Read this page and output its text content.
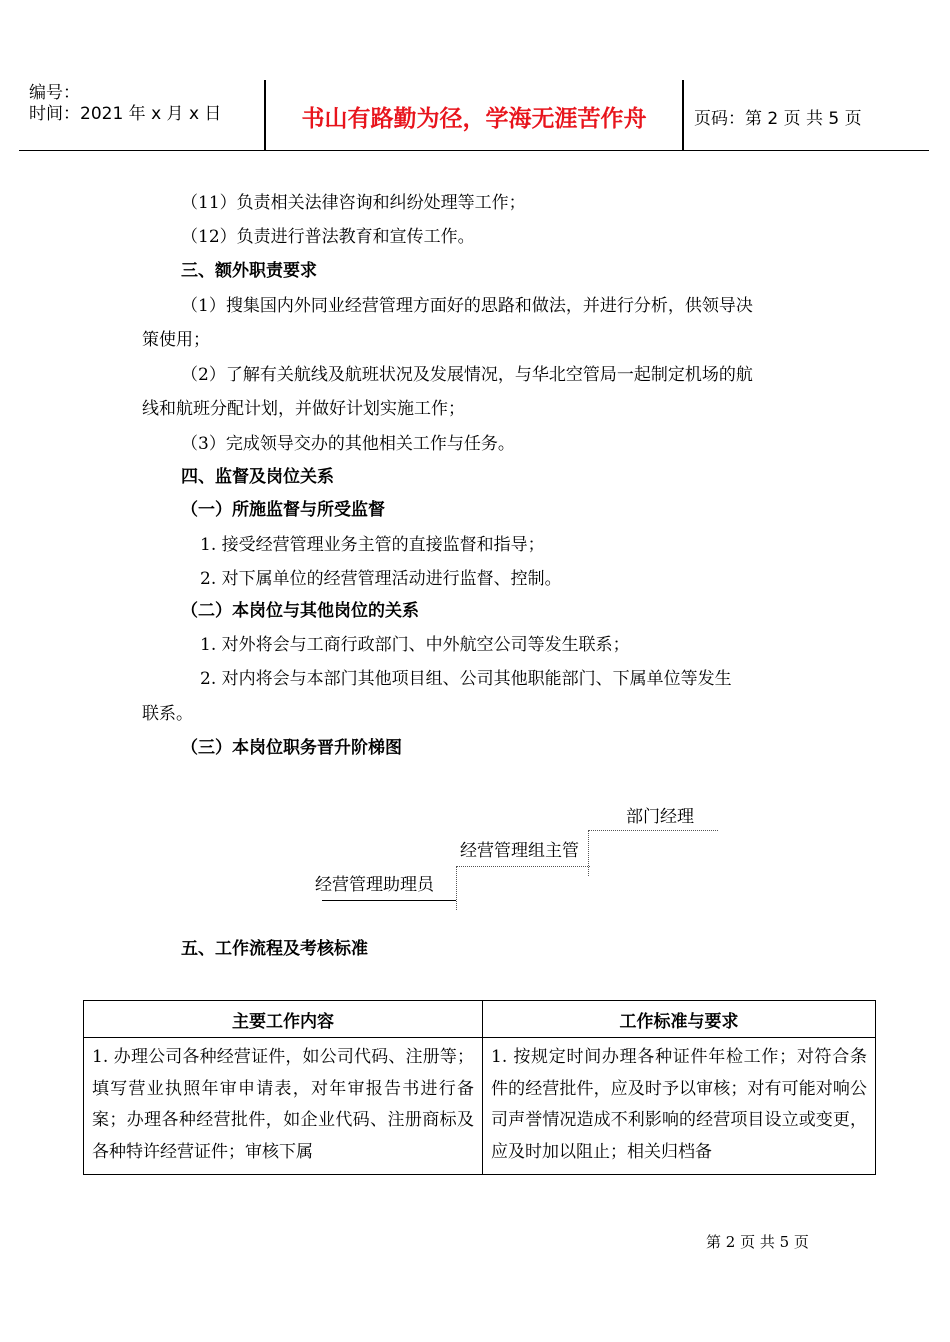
编号：
时间：2021 年 x 月 x 日	书山有路勤为径，学海无涯苦作舟	页码：第 2 页 共 5 页
（11）负责相关法律咨询和纠纷处理等工作；
（12）负责进行普法教育和宣传工作。
三、额外职责要求
（1）搜集国内外同业经营管理方面好的思路和做法，并进行分析，供领导决
策使用；
（2）了解有关航线及航班状况及发展情况，与华北空管局一起制定机场的航
线和航班分配计划，并做好计划实施工作；
（3）完成领导交办的其他相关工作与任务。
四、监督及岗位关系
（一）所施监督与所受监督
1. 接受经营管理业务主管的直接监督和指导；
2. 对下属单位的经营管理活动进行监督、控制。
（二）本岗位与其他岗位的关系
1. 对外将会与工商行政部门、中外航空公司等发生联系；
2. 对内将会与本部门其他项目组、公司其他职能部门、下属单位等发生
联系。
（三）本岗位职务晋升阶梯图
部门经理
经营管理组主管
经营管理助理员
五、工作流程及考核标准
主要工作内容	工作标准与要求
1. 办理公司各种经营证件，如公司代码、注册等；填写营业执照年审申请表，对年审报告书进行备案；办理各种经营批件，如企业代码、注册商标及各种特许经营证件；审核下属	1. 按规定时间办理各种证件年检工作；对符合条件的经营批件，应及时予以审核；对有可能对响公司声誉情况造成不利影响的经营项目设立或变更，应及时加以阻止；相关归档备
第 2 页 共 5 页
